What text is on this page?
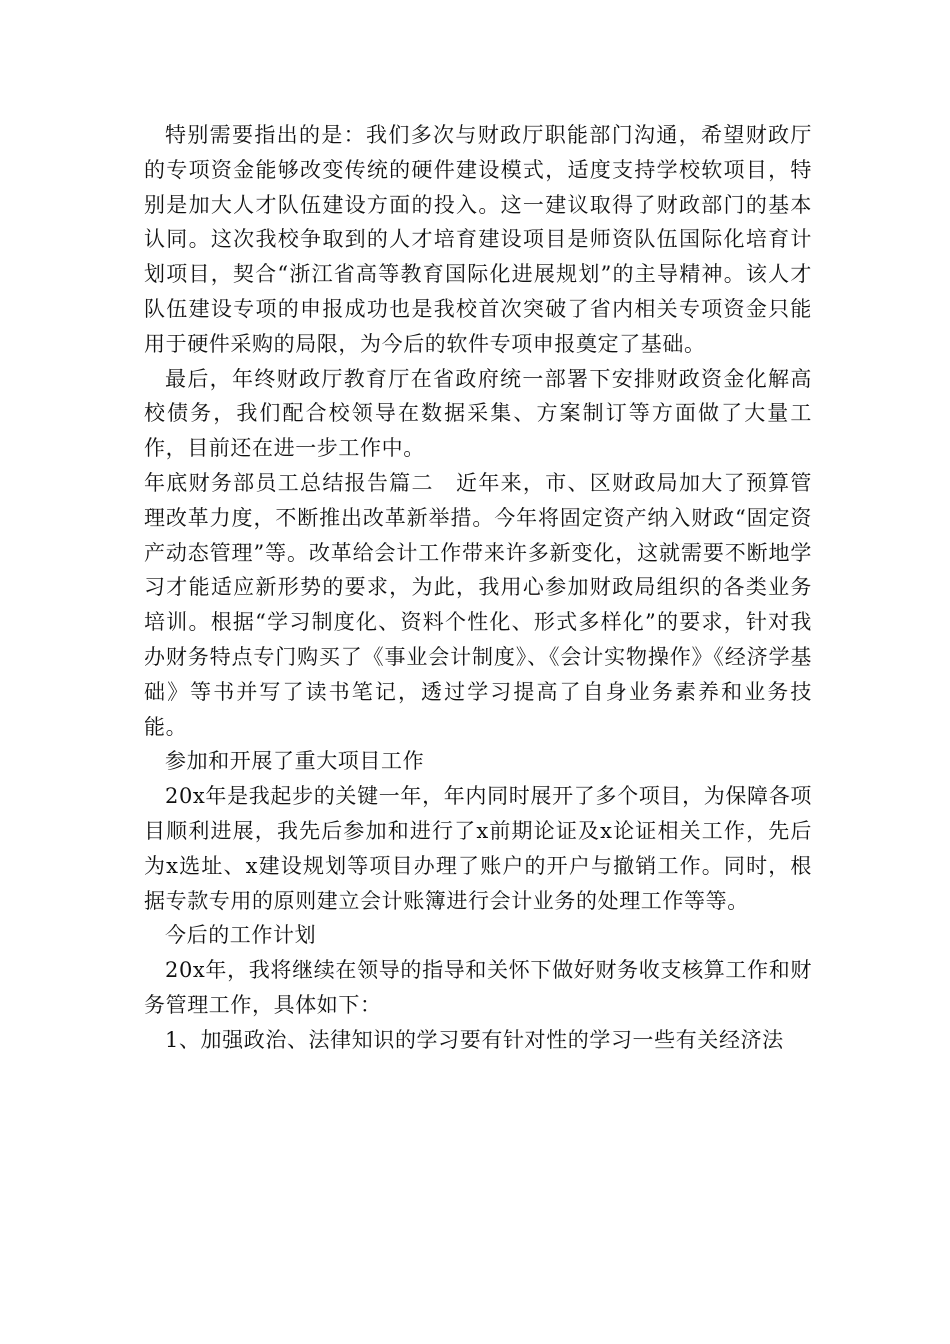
特别需要指出的是：我们多次与财政厅职能部门沟通，希望财政厅的专项资金能够改变传统的硬件建设模式，适度支持学校软项目，特别是加大人才队伍建设方面的投入。这一建议取得了财政部门的基本认同。这次我校争取到的人才培育建设项目是师资队伍国际化培育计划项目，契合“浙江省高等教育国际化进展规划”的主导精神。该人才队伍建设专项的申报成功也是我校首次突破了省内相关专项资金只能用于硬件采购的局限，为今后的软件专项申报奠定了基础。

最后，年终财政厅教育厅在省政府统一部署下安排财政资金化解高校债务，我们配合校领导在数据采集、方案制订等方面做了大量工作，目前还在进一步工作中。

年底财务部员工总结报告篇二　近年来，市、区财政局加大了预算管理改革力度，不断推出改革新举措。今年将固定资产纳入财政“固定资产动态管理”等。改革给会计工作带来许多新变化，这就需要不断地学习才能适应新形势的要求，为此，我用心参加财政局组织的各类业务培训。根据“学习制度化、资料个性化、形式多样化”的要求，针对我办财务特点专门购买了《事业会计制度》、《会计实物操作》《经济学基础》等书并写了读书笔记，透过学习提高了自身业务素养和业务技能。

参加和开展了重大项目工作

20x年是我起步的关键一年，年内同时展开了多个项目，为保障各项目顺利进展，我先后参加和进行了x前期论证及x论证相关工作，先后为x选址、x建设规划等项目办理了账户的开户与撤销工作。同时，根据专款专用的原则建立会计账簿进行会计业务的处理工作等等。

今后的工作计划

20x年，我将继续在领导的指导和关怀下做好财务收支核算工作和财务管理工作，具体如下：

1、加强政治、法律知识的学习要有针对性的学习一些有关经济法
